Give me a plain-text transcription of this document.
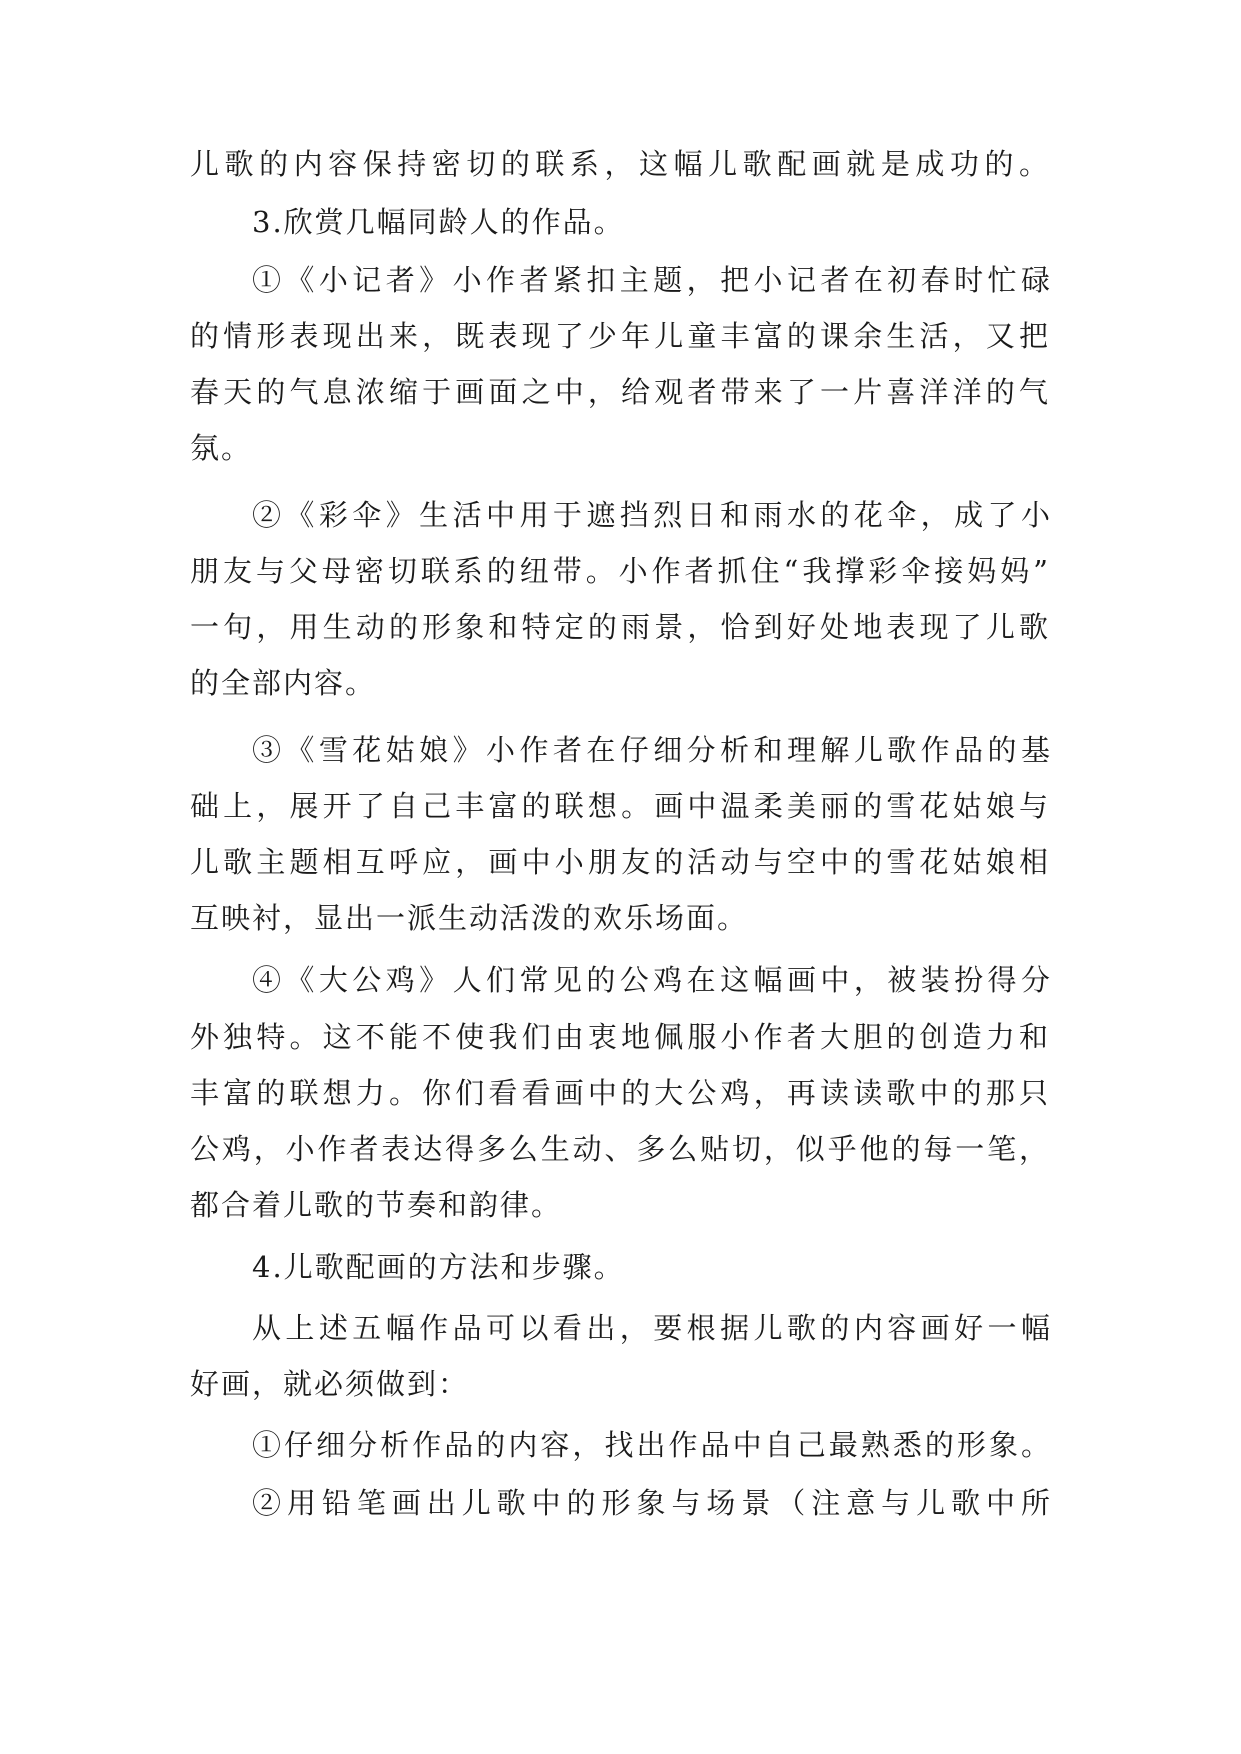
儿歌的内容保持密切的联系，这幅儿歌配画就是成功的。
3.欣赏几幅同龄人的作品。
①《小记者》小作者紧扣主题，把小记者在初春时忙碌
的情形表现出来，既表现了少年儿童丰富的课余生活，又把
春天的气息浓缩于画面之中，给观者带来了一片喜洋洋的气
氛。
②《彩伞》生活中用于遮挡烈日和雨水的花伞，成了小
朋友与父母密切联系的纽带。小作者抓住“我撑彩伞接妈妈”
一句，用生动的形象和特定的雨景，恰到好处地表现了儿歌
的全部内容。
③《雪花姑娘》小作者在仔细分析和理解儿歌作品的基
础上，展开了自己丰富的联想。画中温柔美丽的雪花姑娘与
儿歌主题相互呼应，画中小朋友的活动与空中的雪花姑娘相
互映衬，显出一派生动活泼的欢乐场面。
④《大公鸡》人们常见的公鸡在这幅画中，被装扮得分
外独特。这不能不使我们由衷地佩服小作者大胆的创造力和
丰富的联想力。你们看看画中的大公鸡，再读读歌中的那只
公鸡，小作者表达得多么生动、多么贴切，似乎他的每一笔，
都合着儿歌的节奏和韵律。
4.儿歌配画的方法和步骤。
从上述五幅作品可以看出，要根据儿歌的内容画好一幅
好画，就必须做到：
①仔细分析作品的内容，找出作品中自己最熟悉的形象。
②用铅笔画出儿歌中的形象与场景（注意与儿歌中所
